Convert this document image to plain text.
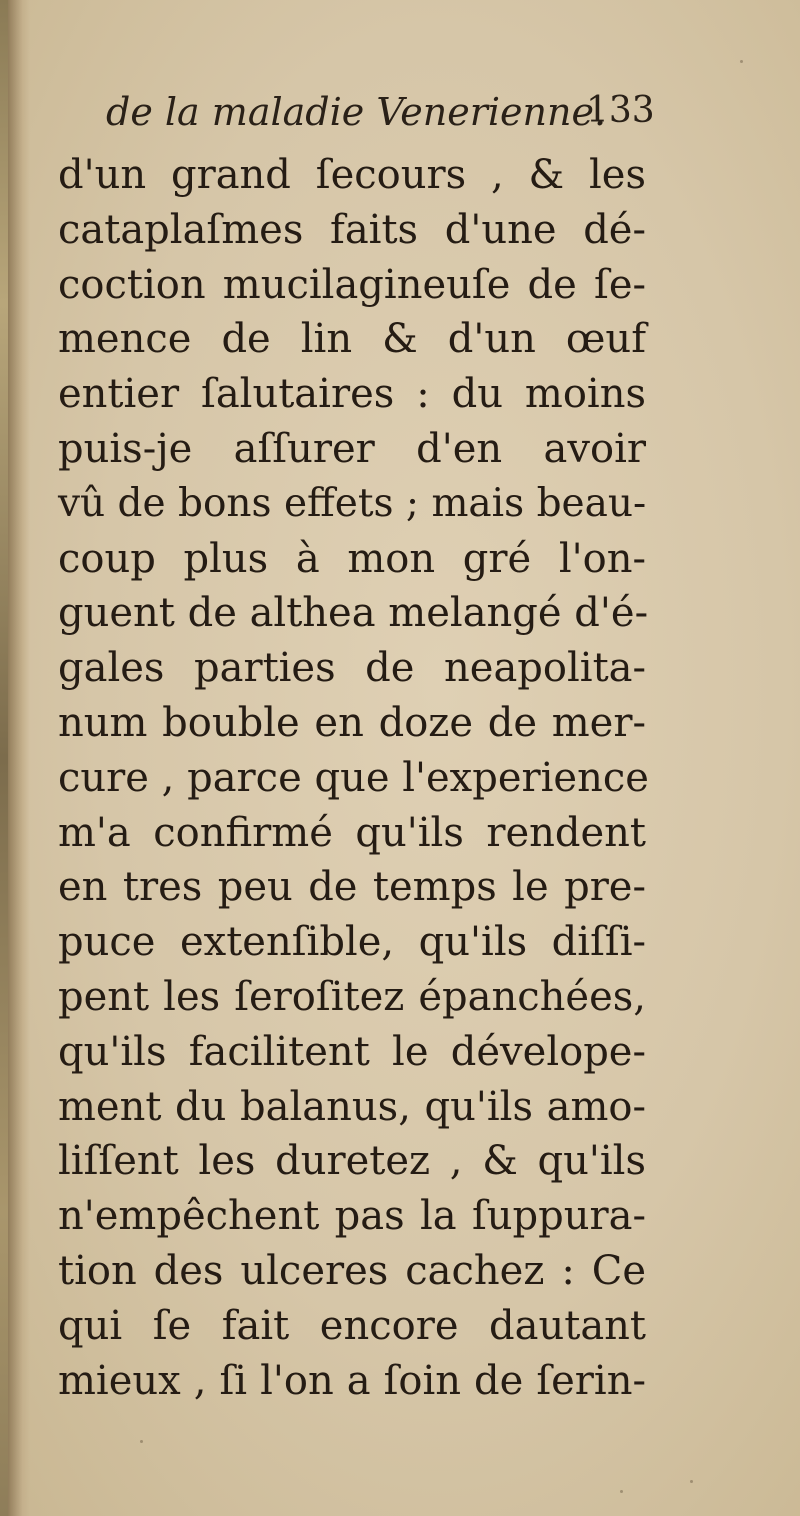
de la maladie Venerienne.
133
d'un grand ſecours , & les
cataplaſmes faits d'une dé-
coction mucilagineuſe de ſe-
mence de lin & d'un œuf
entier ſalutaires : du moins
puis-je aſſurer d'en avoir
vû de bons effets ; mais beau-
coup plus à mon gré l'on-
guent de althea melangé d'é-
gales parties de neapolita-
num bouble en doze de mer-
cure , parce que l'experience
m'a confirmé qu'ils rendent
en tres peu de temps le pre-
puce extenſible, qu'ils diſſi-
pent les ſeroſitez épanchées,
qu'ils facilitent le dévelope-
ment du balanus, qu'ils amo-
liſſent les duretez , & qu'ils
n'empêchent pas la ſuppura-
tion des ulceres cachez : Ce
qui ſe fait encore dautant
mieux , ſi l'on a ſoin de ſerin-
